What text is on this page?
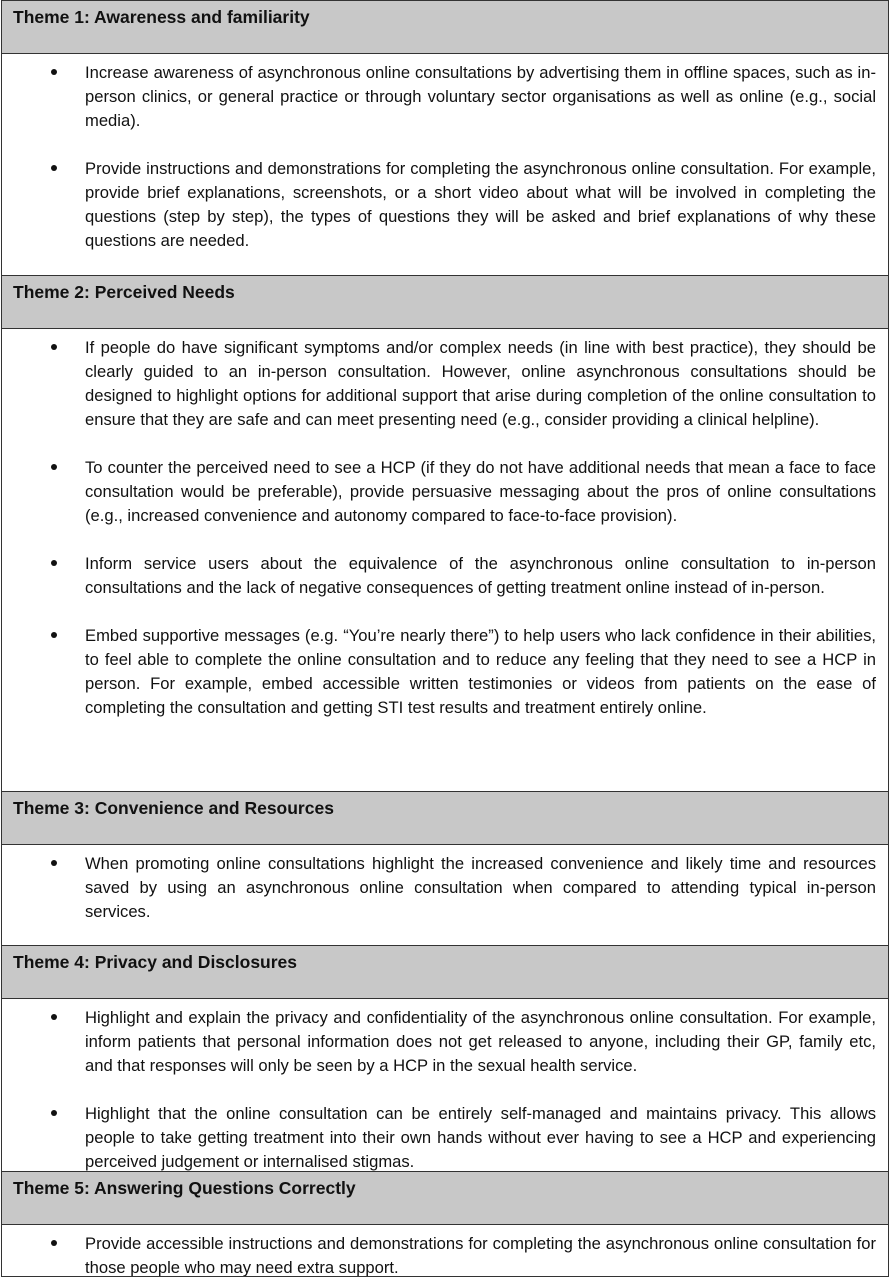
Theme 1: Awareness and familiarity
Increase awareness of asynchronous online consultations by advertising them in offline spaces, such as in-person clinics, or general practice or through voluntary sector organisations as well as online (e.g., social media).
Provide instructions and demonstrations for completing the asynchronous online consultation. For example, provide brief explanations, screenshots, or a short video about what will be involved in completing the questions (step by step), the types of questions they will be asked and brief explanations of why these questions are needed.
Theme 2: Perceived Needs
If people do have significant symptoms and/or complex needs (in line with best practice), they should be clearly guided to an in-person consultation. However, online asynchronous consultations should be designed to highlight options for additional support that arise during completion of the online consultation to ensure that they are safe and can meet presenting need (e.g., consider providing a clinical helpline).
To counter the perceived need to see a HCP (if they do not have additional needs that mean a face to face consultation would be preferable), provide persuasive messaging about the pros of online consultations (e.g., increased convenience and autonomy compared to face-to-face provision).
Inform service users about the equivalence of the asynchronous online consultation to in-person consultations and the lack of negative consequences of getting treatment online instead of in-person.
Embed supportive messages (e.g. “You’re nearly there”) to help users who lack confidence in their abilities, to feel able to complete the online consultation and to reduce any feeling that they need to see a HCP in person. For example, embed accessible written testimonies or videos from patients on the ease of completing the consultation and getting STI test results and treatment entirely online.
Theme 3: Convenience and Resources
When promoting online consultations highlight the increased convenience and likely time and resources saved by using an asynchronous online consultation when compared to attending typical in-person services.
Theme 4: Privacy and Disclosures
Highlight and explain the privacy and confidentiality of the asynchronous online consultation. For example, inform patients that personal information does not get released to anyone, including their GP, family etc, and that responses will only be seen by a HCP in the sexual health service.
Highlight that the online consultation can be entirely self-managed and maintains privacy. This allows people to take getting treatment into their own hands without ever having to see a HCP and experiencing perceived judgement or internalised stigmas.
Theme 5: Answering Questions Correctly
Provide accessible instructions and demonstrations for completing the asynchronous online consultation for those people who may need extra support.
